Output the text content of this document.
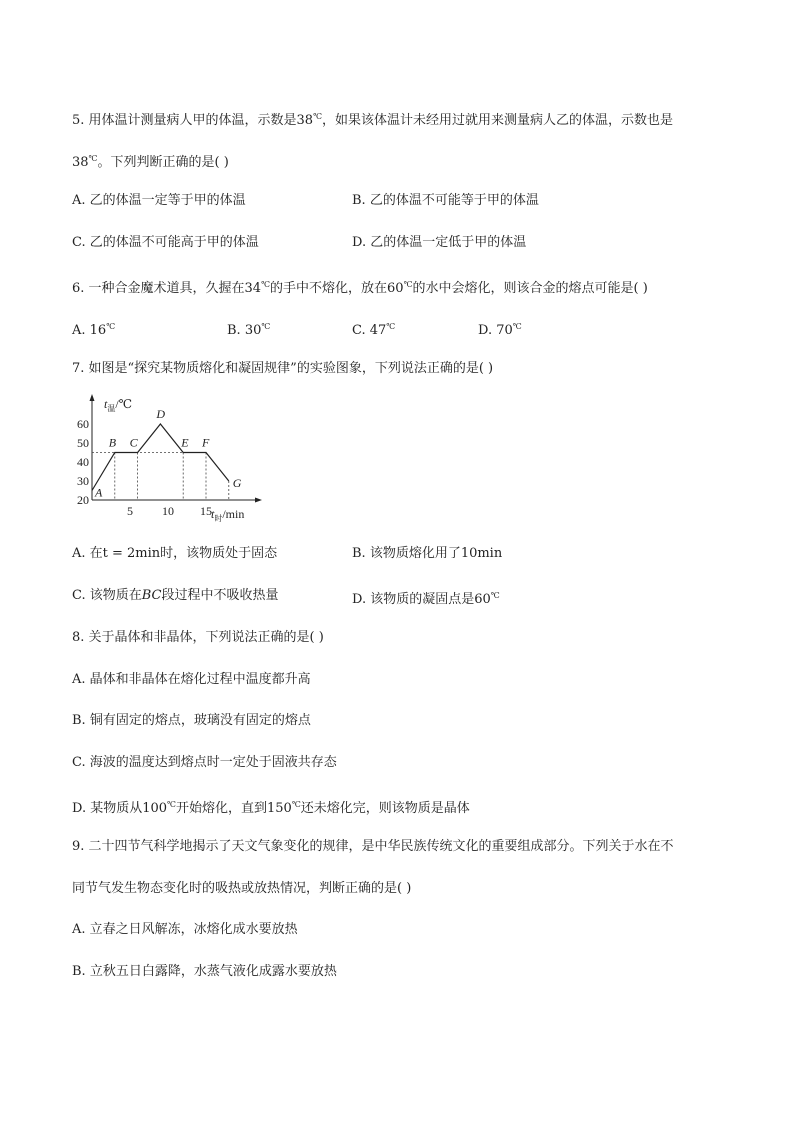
5. 用体温计测量病人甲的体温，示数是38℃，如果该体温计未经用过就用来测量病人乙的体温，示数也是
38℃。下列判断正确的是( )
A. 乙的体温一定等于甲的体温	B. 乙的体温不可能等于甲的体温
C. 乙的体温不可能高于甲的体温	D. 乙的体温一定低于甲的体温
6. 一种合金魔术道具，久握在34℃的手中不熔化，放在60℃的水中会熔化，则该合金的熔点可能是( )
A. 16℃	B. 30℃	C. 47℃	D. 70℃
7. 如图是“探究某物质熔化和凝固规律”的实验图象，下列说法正确的是( )
$t_温/℃$
$t_时/\min$
20
30
40
50
60
5 10 15
A
B C
D
E F
G
A. 在t = 2min时，该物质处于固态	B. 该物质熔化用了10min
C. 该物质在BC段过程中不吸收热量	D. 该物质的凝固点是60℃
8. 关于晶体和非晶体，下列说法正确的是( )
A. 晶体和非晶体在熔化过程中温度都升高
B. 铜有固定的熔点，玻璃没有固定的熔点
C. 海波的温度达到熔点时一定处于固液共存态
D. 某物质从100℃开始熔化，直到150℃还未熔化完，则该物质是晶体
9. 二十四节气科学地揭示了天文气象变化的规律，是中华民族传统文化的重要组成部分。下列关于水在不
同节气发生物态变化时的吸热或放热情况，判断正确的是( )
A. 立春之日风解冻，冰熔化成水要放热
B. 立秋五日白露降，水蒸气液化成露水要放热
